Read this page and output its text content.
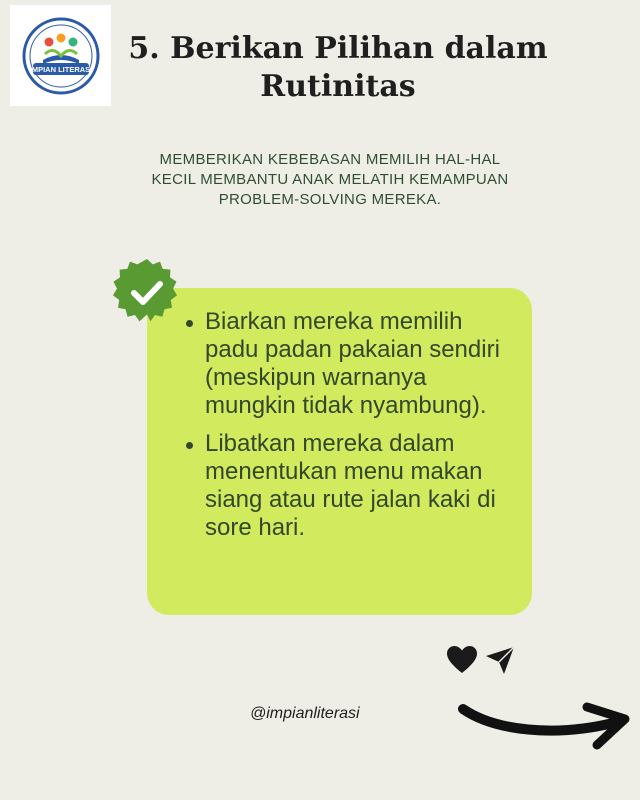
IMPIAN LITERASI
5. Berikan Pilihan dalam
Rutinitas
MEMBERIKAN KEBEBASAN MEMILIH HAL-HAL KECIL MEMBANTU ANAK MELATIH KEMAMPUAN PROBLEM-SOLVING MEREKA.
Biarkan mereka memilih padu padan pakaian sendiri (meskipun warnanya mungkin tidak nyambung).
Libatkan mereka dalam menentukan menu makan siang atau rute jalan kaki di sore hari.
@impianliterasi
